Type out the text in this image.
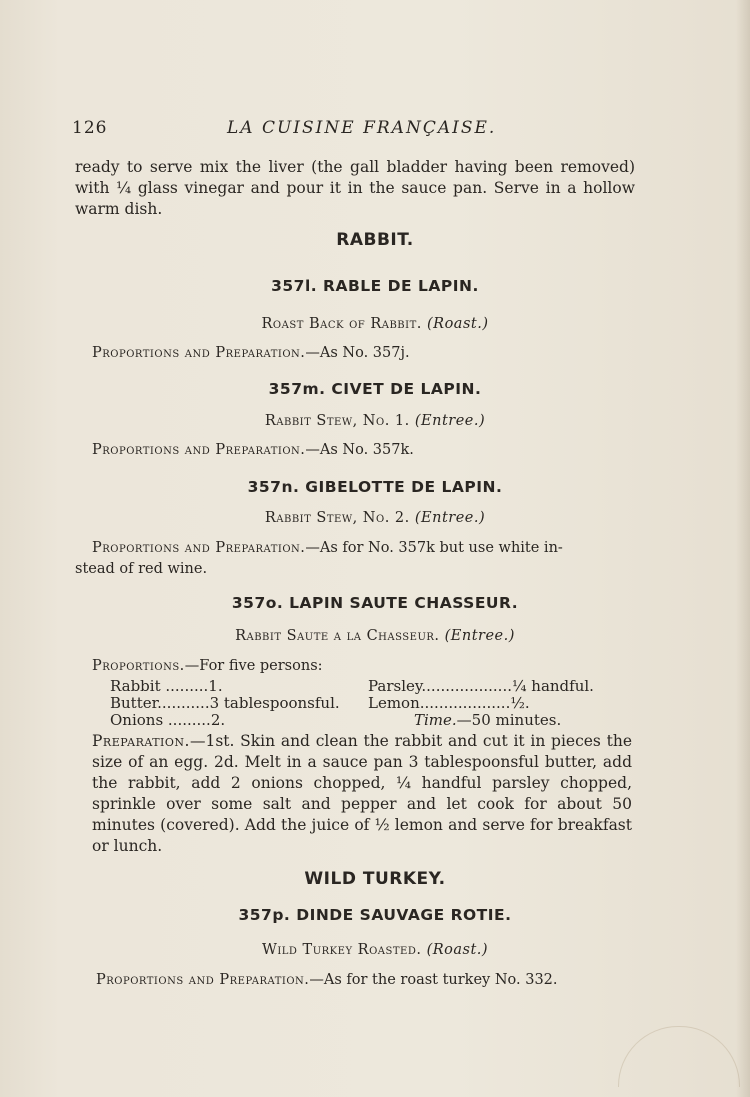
126	LA CUISINE FRANÇAISE.

ready to serve mix the liver (the gall bladder having been removed) with ¼ glass vinegar and pour it in the sauce pan. Serve in a hollow warm dish.

RABBIT.
357l. RABLE DE LAPIN.
Roast Back of Rabbit. (Roast.)
Proportions and Preparation.—As No. 357j.
357m. CIVET DE LAPIN.
Rabbit Stew, No. 1. (Entree.)
Proportions and Preparation.—As No. 357k.
357n. GIBELOTTE DE LAPIN.
Rabbit Stew, No. 2. (Entree.)
Proportions and Preparation.—As for No. 357k but use white in-
stead of red wine.
357o. LAPIN SAUTE CHASSEUR.
Rabbit Saute a la Chasseur. (Entree.)
Proportions.—For five persons:
Rabbit .........1.
Butter...........3 tablespoonsful.
Onions .........2.
Parsley...................¼ handful.
Lemon...................½.
Time.—50 minutes.

Preparation.—1st. Skin and clean the rabbit and cut it in pieces the size of an egg. 2d. Melt in a sauce pan 3 tablespoonsful butter, add the rabbit, add 2 onions chopped, ¼ handful parsley chopped, sprinkle over some salt and pepper and let cook for about 50 minutes (covered). Add the juice of ½ lemon and serve for breakfast or lunch.

WILD TURKEY.
357p. DINDE SAUVAGE ROTIE.
Wild Turkey Roasted. (Roast.)
Proportions and Preparation.—As for the roast turkey No. 332.
